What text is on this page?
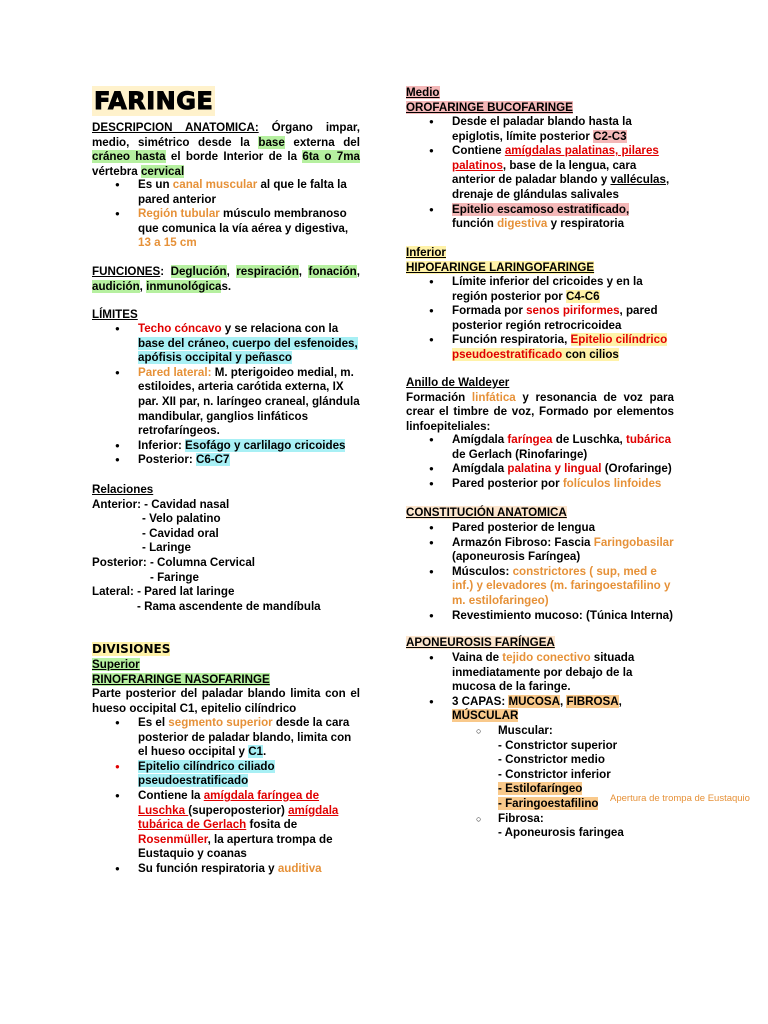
FARINGE
DESCRIPCION ANATOMICA: Órgano impar, medio, simétrico desde la base externa del cráneo hasta el borde Interior de la 6ta o 7ma vértebra cervical
● Es un canal muscular al que le falta la pared anterior
● Región tubular músculo membranoso que comunica la vía aérea y digestiva, 13 a 15 cm
FUNCIONES: Deglución, respiración, fonación, audición, inmunológicas.
LÍMITES
● Techo cóncavo y se relaciona con la base del cráneo, cuerpo del esfenoides, apófisis occipital y peñasco
● Pared lateral: M. pterigoideo medial, m. estiloides, arteria carótida externa, IX par. XII par, n. laríngeo craneal, glándula mandibular, ganglios linfáticos retrofaríngeos.
● Inferior: Esofágo y carlilago cricoides
● Posterior: C6-C7
Relaciones
Anterior: - Cavidad nasal
- Velo palatino
- Cavidad oral
- Laringe
Posterior: - Columna Cervical
- Faringe
Lateral: - Pared lat laringe
- Rama ascendente de mandíbula
DIVISIONES
Superior
RINOFRARINGE NASOFARINGE
Parte posterior del paladar blando limita con el hueso occipital C1, epitelio cilíndrico
● Es el segmento superior desde la cara posterior de paladar blando, limita con el hueso occipital y C1.
● Epitelio cilíndrico ciliado pseudoestratificado
● Contiene la amígdala faríngea de Luschka (superoposterior) amígdala tubárica de Gerlach fosita de Rosenmüller, la apertura trompa de Eustaquio y coanas
● Su función respiratoria y auditiva
Medio
OROFARINGE BUCOFARINGE
● Desde el paladar blando hasta la epiglotis, límite posterior C2-C3
● Contiene amígdalas palatinas, pilares palatinos, base de la lengua, cara anterior de paladar blando y valléculas, drenaje de glándulas salivales
● Epitelio escamoso estratificado, función digestiva y respiratoria
Inferior
HIPOFARINGE LARINGOFARINGE
● Límite inferior del cricoides y en la región posterior por C4-C6
● Formada por senos piriformes, pared posterior región retrocricoidea
● Función respiratoria, Epitelio cilíndrico pseudoestratificado con cilios
Anillo de Waldeyer
Formación linfática y resonancia de voz para crear el timbre de voz, Formado por elementos linfoepiteliales:
● Amígdala faríngea de Luschka, tubárica de Gerlach (Rinofaringe)
● Amígdala palatina y lingual (Orofaringe)
● Pared posterior por folículos linfoides
CONSTITUCIÓN ANATOMICA
● Pared posterior de lengua
● Armazón Fibroso: Fascia Faringobasilar (aponeurosis Faríngea)
● Músculos: constrictores ( sup, med e inf.) y elevadores (m. faringoestafilino y m. estilofaringeo)
● Revestimiento mucoso: (Túnica Interna)
APONEUROSIS FARÍNGEA
● Vaina de tejido conectivo situada inmediatamente por debajo de la mucosa de la faringe.
● 3 CAPAS: MUCOSA, FIBROSA,
MÚSCULAR
○ Muscular:
- Constrictor superior
- Constrictor medio
- Constrictor inferior
- Estilofaríngeo
- Faringoestafilino
○ Fibrosa:
- Aponeurosis faringea
Apertura de trompa de Eustaquio
